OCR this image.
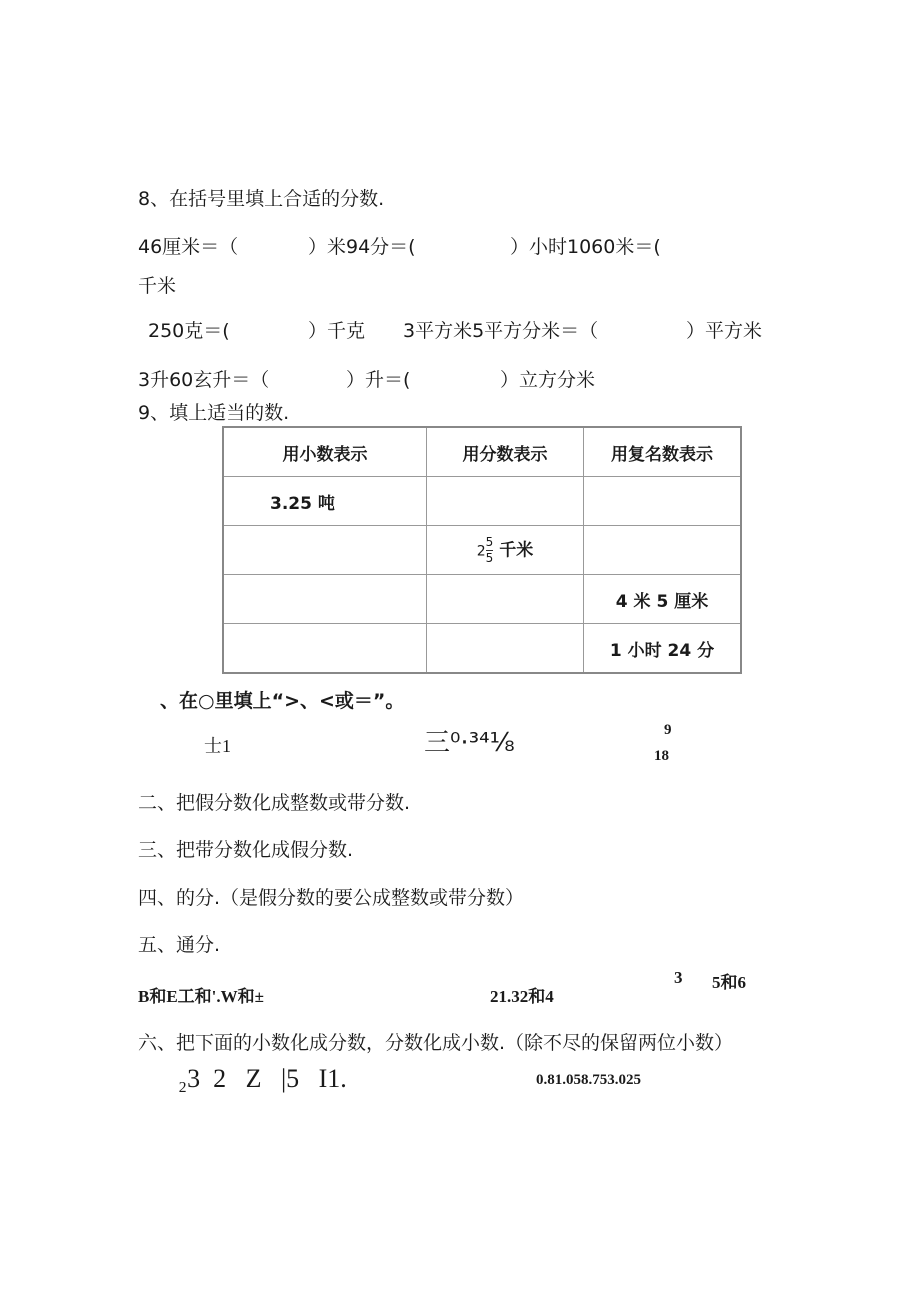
8、在括号里填上合适的分数.
46厘米＝（	）米94分＝(	）小时1060米＝(
千米
250克＝(	）千克 3平方米5平方分米＝（	）平方米
3升60玄升＝（	）升＝(	）立方分米
9、填上适当的数.
用小数表示	用分数表示	用复名数表示
3.25 吨		
	$2 \frac{5}{5}$ 千米	
		4 米 5 厘米
		1 小时 24 分
、在○里填上“>、<或＝”。
士1	三⁰·³⁴⅟₈	9
18
二、把假分数化成整数或带分数.
三、把带分数化成假分数.
四、的分.（是假分数的要公成整数或带分数）
五、通分.
B和E工和'.W和±	21.32和4
3 5和6
六、把下面的小数化成分数，分数化成小数.（除不尽的保留两位小数）
₂3  2   Z   |5   I1.	0.81.058.753.025
